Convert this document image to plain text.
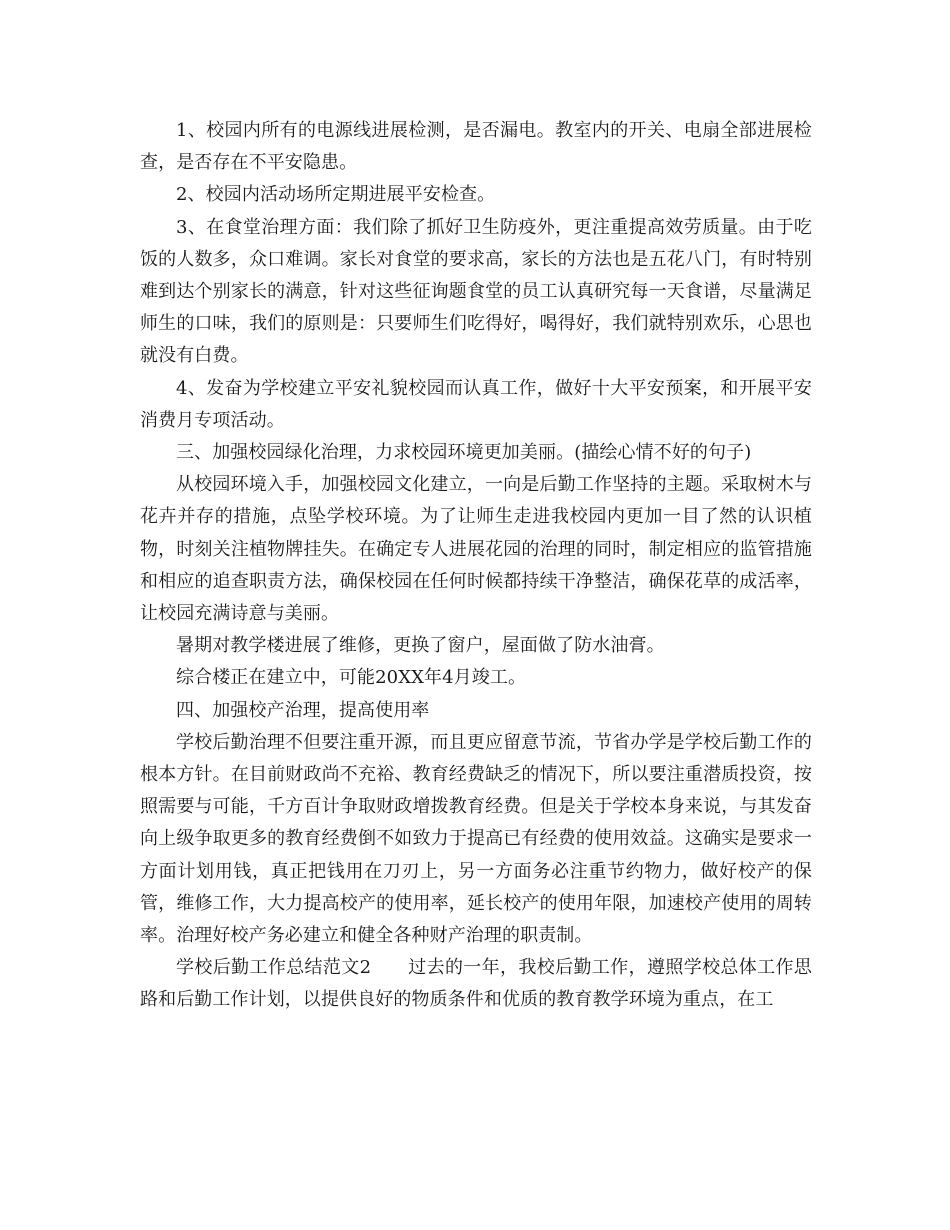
1、校园内所有的电源线进展检测，是否漏电。教室内的开关、电扇全部进展检查，是否存在不平安隐患。

2、校园内活动场所定期进展平安检查。

3、在食堂治理方面：我们除了抓好卫生防疫外，更注重提高效劳质量。由于吃饭的人数多，众口难调。家长对食堂的要求高，家长的方法也是五花八门，有时特别难到达个别家长的满意，针对这些征询题食堂的员工认真研究每一天食谱，尽量满足师生的口味，我们的原则是：只要师生们吃得好，喝得好，我们就特别欢乐，心思也就没有白费。

4、发奋为学校建立平安礼貌校园而认真工作，做好十大平安预案，和开展平安消费月专项活动。

三、加强校园绿化治理，力求校园环境更加美丽。(描绘心情不好的句子)

从校园环境入手，加强校园文化建立，一向是后勤工作坚持的主题。采取树木与花卉并存的措施，点坠学校环境。为了让师生走进我校园内更加一目了然的认识植物，时刻关注植物牌挂失。在确定专人进展花园的治理的同时，制定相应的监管措施和相应的追查职责方法，确保校园在任何时候都持续干净整洁，确保花草的成活率，让校园充满诗意与美丽。

暑期对教学楼进展了维修，更换了窗户，屋面做了防水油膏。

综合楼正在建立中，可能20XX年4月竣工。

四、加强校产治理，提高使用率

学校后勤治理不但要注重开源，而且更应留意节流，节省办学是学校后勤工作的根本方针。在目前财政尚不充裕、教育经费缺乏的情况下，所以要注重潜质投资，按照需要与可能，千方百计争取财政增拨教育经费。但是关于学校本身来说，与其发奋向上级争取更多的教育经费倒不如致力于提高已有经费的使用效益。这确实是要求一方面计划用钱，真正把钱用在刀刃上，另一方面务必注重节约物力，做好校产的保管，维修工作，大力提高校产的使用率，延长校产的使用年限，加速校产使用的周转率。治理好校产务必建立和健全各种财产治理的职责制。

学校后勤工作总结范文2　　过去的一年，我校后勤工作，遵照学校总体工作思路和后勤工作计划，以提供良好的物质条件和优质的教育教学环境为重点，在工
